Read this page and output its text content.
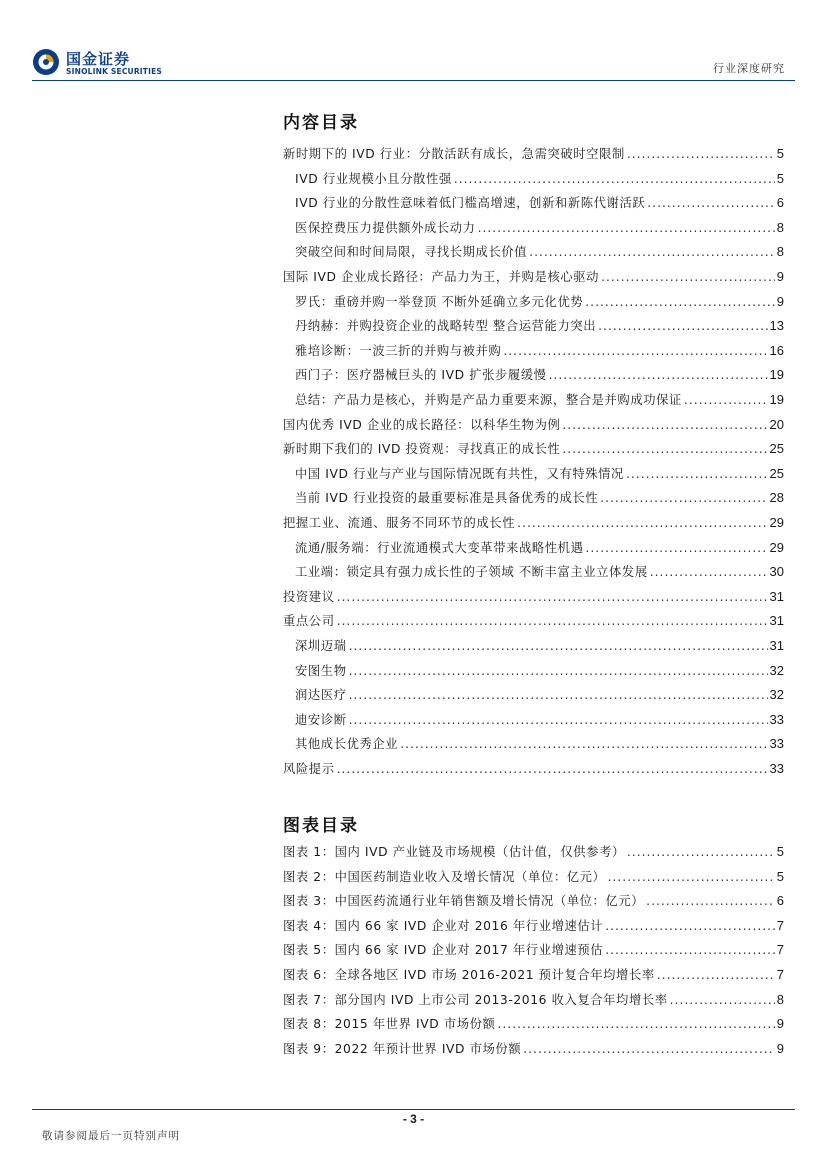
国金证券
SINOLINK SECURITIES	行业深度研究
内容目录
新时期下的 IVD 行业：分散活跃有成长，急需突破时空限制 .....	5
IVD 行业规模小且分散性强 .....	5
IVD 行业的分散性意味着低门槛高增速，创新和新陈代谢活跃 .....	6
医保控费压力提供额外成长动力 .....	8
突破空间和时间局限，寻找长期成长价值 .....	8
国际 IVD 企业成长路径：产品力为王，并购是核心驱动 .....	9
罗氏：重磅并购一举登顶 不断外延确立多元化优势 .....	9
丹纳赫：并购投资企业的战略转型 整合运营能力突出 .....	13
雅培诊断：一波三折的并购与被并购 .....	16
西门子：医疗器械巨头的 IVD 扩张步履缓慢 .....	19
总结：产品力是核心，并购是产品力重要来源，整合是并购成功保证 .....	19
国内优秀 IVD 企业的成长路径：以科华生物为例 .....	20
新时期下我们的 IVD 投资观：寻找真正的成长性 .....	25
中国 IVD 行业与产业与国际情况既有共性，又有特殊情况 .....	25
当前 IVD 行业投资的最重要标准是具备优秀的成长性 .....	28
把握工业、流通、服务不同环节的成长性 .....	29
流通/服务端：行业流通模式大变革带来战略性机遇 .....	29
工业端：锁定具有强力成长性的子领域 不断丰富主业立体发展 .....	30
投资建议 .....	31
重点公司 .....	31
深圳迈瑞 .....	31
安图生物 .....	32
润达医疗 .....	32
迪安诊断 .....	33
其他成长优秀企业 .....	33
风险提示 .....	33
图表目录
图表 1：国内 IVD 产业链及市场规模（估计值，仅供参考） .....	5
图表 2：中国医药制造业收入及增长情况（单位：亿元） .....	5
图表 3：中国医药流通行业年销售额及增长情况（单位：亿元） .....	6
图表 4：国内 66 家 IVD 企业对 2016 年行业增速估计 .....	7
图表 5：国内 66 家 IVD 企业对 2017 年行业增速预估 .....	7
图表 6：全球各地区 IVD 市场 2016-2021 预计复合年均增长率 .....	7
图表 7：部分国内 IVD 上市公司 2013-2016 收入复合年均增长率 .....	8
图表 8：2015 年世界 IVD 市场份额 .....	9
图表 9：2022 年预计世界 IVD 市场份额 .....	9
- 3 -
敬请参阅最后一页特别声明
